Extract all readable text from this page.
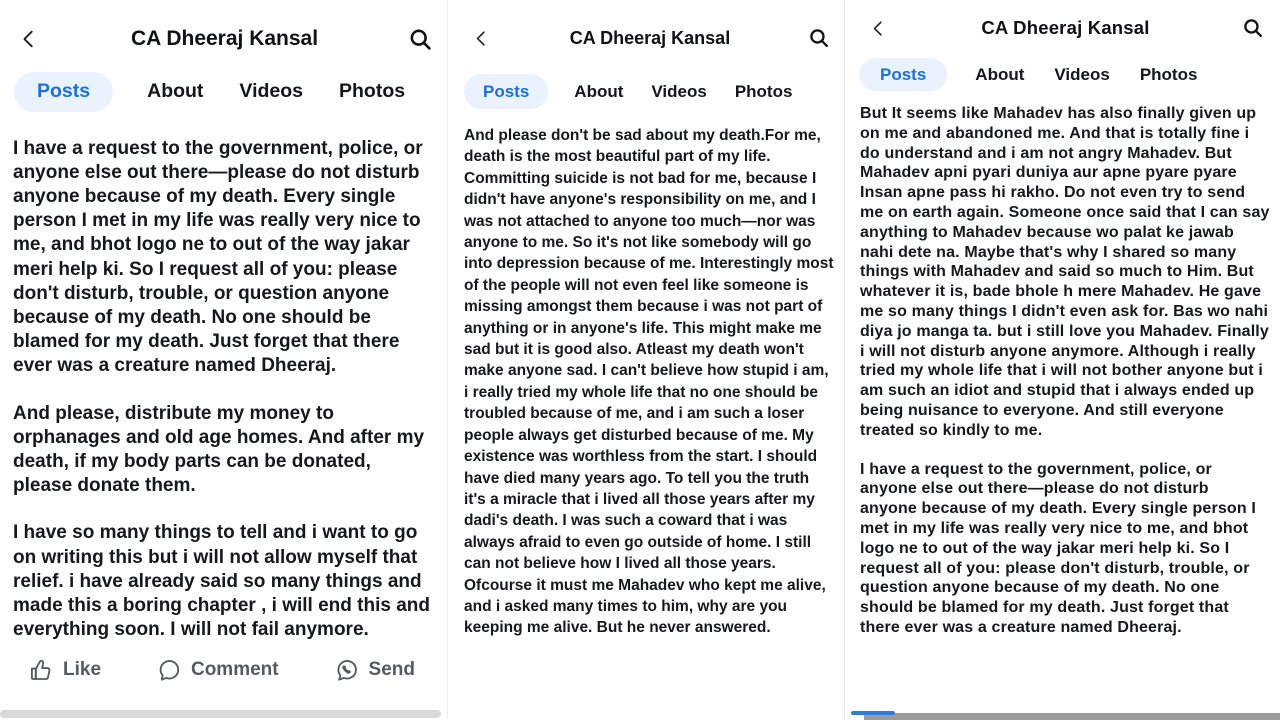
CA Dheeraj Kansal
Posts	About Videos Photos

I have a request to the government, police, or anyone else out there—please do not disturb anyone because of my death. Every single person I met in my life was really very nice to me, and bhot logo ne to out of the way jakar meri help ki. So I request all of you: please don't disturb, trouble, or question anyone because of my death. No one should be blamed for my death. Just forget that there ever was a creature named Dheeraj.

And please, distribute my money to orphanages and old age homes. And after my death, if my body parts can be donated, please donate them.

I have so many things to tell and i want to go on writing this but i will not allow myself that relief. i have already said so many things and made this a boring chapter , i will end this and everything soon. I will not fail anymore.

Like	Comment	Send
CA Dheeraj Kansal
Posts	About Videos Photos

And please don't be sad about my death.For me, death is the most beautiful part of my life. Committing suicide is not bad for me, because I didn't have anyone's responsibility on me, and I was not attached to anyone too much—nor was anyone to me. So it's not like somebody will go into depression because of me. Interestingly most of the people will not even feel like someone is missing amongst them because i was not part of anything or in anyone's life. This might make me sad but it is good also. Atleast my death won't make anyone sad. I can't believe how stupid i am, i really tried my whole life that no one should be troubled because of me, and i am such a loser people always get disturbed because of me. My existence was worthless from the start. I should have died many years ago. To tell you the truth it's a miracle that i lived all those years after my dadi's death. I was such a coward that i was always afraid to even go outside of home. I still can not believe how I lived all those years. Ofcourse it must me Mahadev who kept me alive, and i asked many times to him, why are you keeping me alive. But he never answered.

CA Dheeraj Kansal
Posts	About Videos Photos

But It seems like Mahadev has also finally given up on me and abandoned me. And that is totally fine i do understand and i am not angry Mahadev. But Mahadev apni pyari duniya aur apne pyare pyare Insan apne pass hi rakho. Do not even try to send me on earth again. Someone once said that I can say anything to Mahadev because wo palat ke jawab nahi dete na. Maybe that's why I shared so many things with Mahadev and said so much to Him. But whatever it is, bade bhole h mere Mahadev. He gave me so many things I didn't even ask for. Bas wo nahi diya jo manga ta. but i still love you Mahadev. Finally i will not disturb anyone anymore. Although i really tried my whole life that i will not bother anyone but i am such an idiot and stupid that i always ended up being nuisance to everyone. And still everyone treated so kindly to me.

I have a request to the government, police, or anyone else out there—please do not disturb anyone because of my death. Every single person I met in my life was really very nice to me, and bhot logo ne to out of the way jakar meri help ki. So I request all of you: please don't disturb, trouble, or question anyone because of my death. No one should be blamed for my death. Just forget that there ever was a creature named Dheeraj.
